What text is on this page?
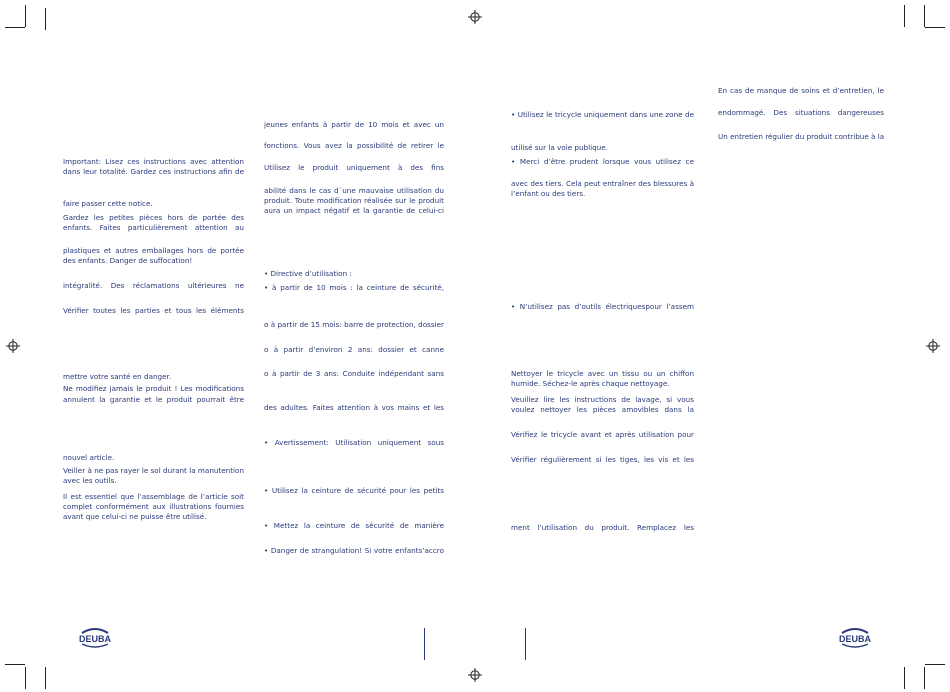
DEUBA	DEUBA
Important: Lisez ces instructions avec attention
dans leur totalité. Gardez ces instructions afin de
faire passer cette notice.
Gardez les petites pièces hors de portée des
enfants. Faites particulièrement attention au
plastiques et autres emballages hors de portée
des enfants. Danger de suffocation!
intégralité. Des réclamations ultérieures ne
Vérifier toutes les parties et tous les éléments
mettre votre santé en danger.
Ne modifiez jamais le produit ! Les modifications
annulent la garantie et le produit pourrait être
nouvel article.
Veiller à ne pas rayer le sol durant la manutention
avec les outils.
Il est essentiel que l’assemblage de l’article soit
complet conformément aux illustrations fournies
avant que celui-ci ne puisse être utilisé.
jeunes enfants à partir de 10 mois et avec un
fonctions. Vous avez la possibilité de retirer le
Utilisez le produit uniquement à des fins
abilité dans le cas d´une mauvaise utilisation du
produit. Toute modification réalisée sur le produit
aura un impact négatif et la garantie de celui-ci
• Directive d’utilisation :
• à partir de 10 mois : la ceinture de sécurité,
o à partir de 15 mois: barre de protection, dossier
o à partir d’environ 2 ans: dossier et canne
o à partir de 3 ans: Conduite indépendant sans
des adultes. Faites attention à vos mains et les
• Avertissement: Utilisation uniquement sous
• Utilisez la ceinture de sécurité pour les petits
• Mettez la ceinture de sécurité de manière
• Danger de strangulation! Si votre enfants’accro
• Utilisez le tricycle uniquement dans une zone de
utilisé sur la voie publique.
• Merci d’être prudent lorsque vous utilisez ce
avec des tiers. Cela peut entraîner des blessures à
l’enfant ou des tiers.
• N’utilisez pas d’outils électriquespour l’assem
Nettoyer le tricycle avec un tissu ou un chiffon
humide. Séchez-le après chaque nettoyage.
Veuillez lire les instructions de lavage, si vous
voulez nettoyer les pièces amovibles dans la
Vérifiez le tricycle avant et après utilisation pour
Vérifier régulièrement si les tiges, les vis et les
ment l’utilisation du produit. Remplacez les
En cas de manque de soins et d’entretien, le
endommagé. Des situations dangereuses
Un entretien régulier du produit contribue à la
